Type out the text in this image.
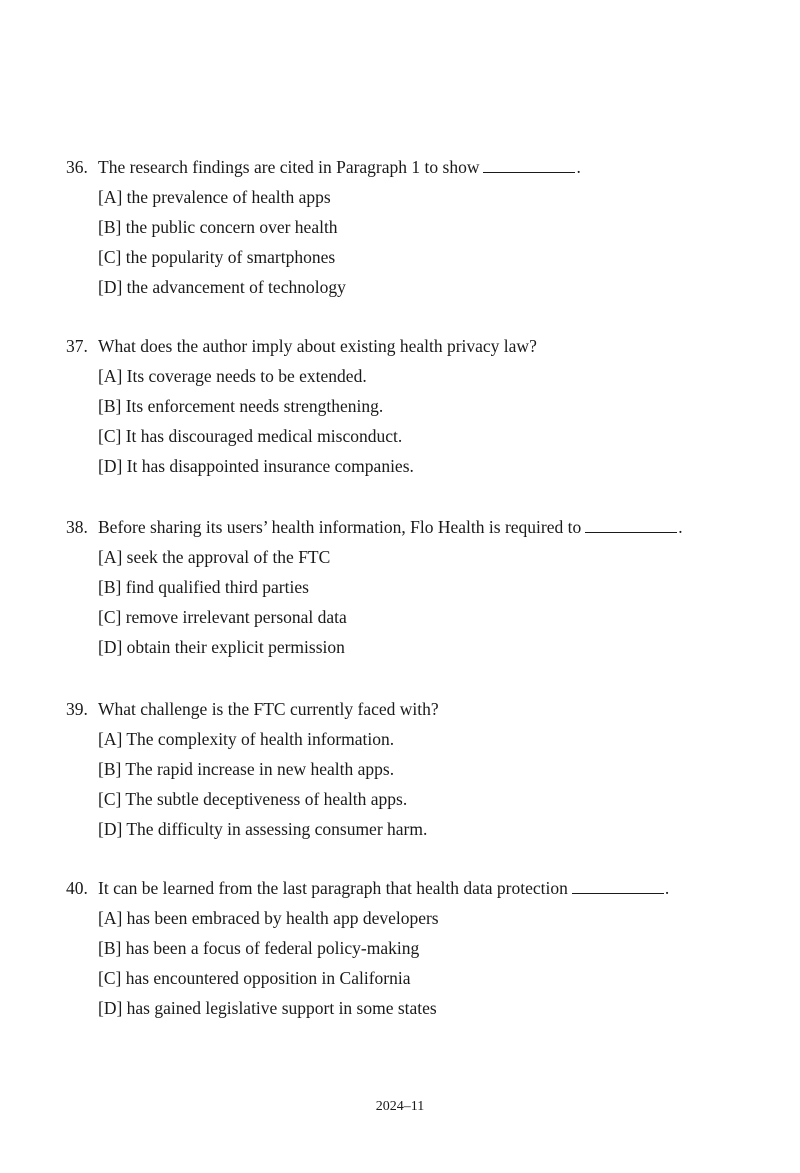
36. The research findings are cited in Paragraph 1 to show	.
[A] the prevalence of health apps
[B] the public concern over health
[C] the popularity of smartphones
[D] the advancement of technology
37. What does the author imply about existing health privacy law?
[A] Its coverage needs to be extended.
[B] Its enforcement needs strengthening.
[C] It has discouraged medical misconduct.
[D] It has disappointed insurance companies.
38. Before sharing its users’ health information, Flo Health is required to	.
[A] seek the approval of the FTC
[B] find qualified third parties
[C] remove irrelevant personal data
[D] obtain their explicit permission
39. What challenge is the FTC currently faced with?
[A] The complexity of health information.
[B] The rapid increase in new health apps.
[C] The subtle deceptiveness of health apps.
[D] The difficulty in assessing consumer harm.
40. It can be learned from the last paragraph that health data protection	.
[A] has been embraced by health app developers
[B] has been a focus of federal policy-making
[C] has encountered opposition in California
[D] has gained legislative support in some states
2024–11
